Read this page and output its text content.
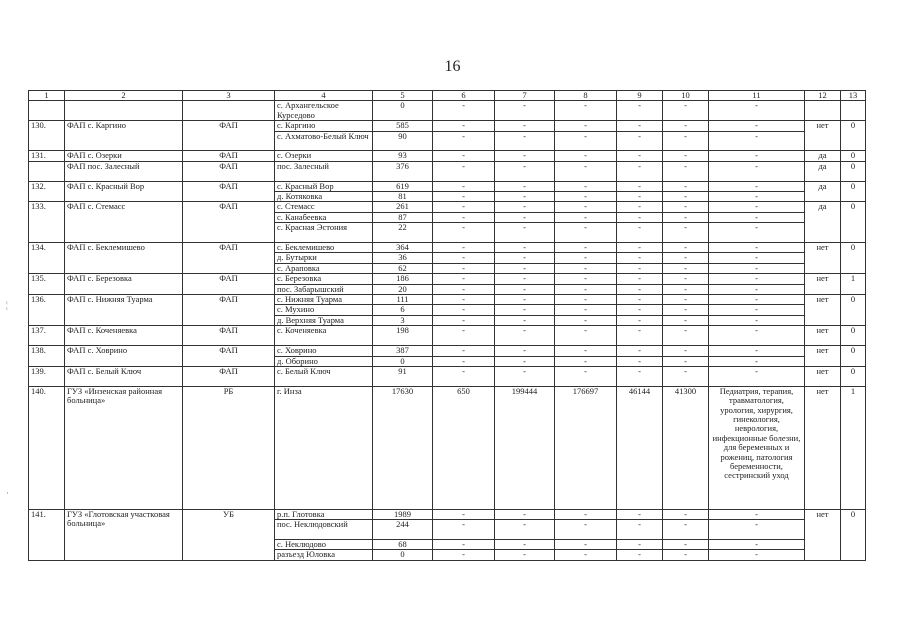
16
1	2	3	4	5	6	7	8	9	10	11	12	13
			с. Архангельское Курседово	0	-	-	-	-	-	-		
130.	ФАП с. Каргино	ФАП	с. Каргино	585	-	-	-	-	-	-	нет	0
			с. Ахматово-Белый Ключ	90	-	-	-	-	-	-		
131.	ФАП с. Озерки	ФАП	с. Озерки	93	-	-	-	-	-	-	да	0
	ФАП пос. Залесный	ФАП	пос. Залесный	376	-	-	-	-	-	-	да	0
132.	ФАП с. Красный Вор	ФАП	с. Красный Вор	619	-	-	-	-	-	-	да	0
			д. Котяковка	81	-	-	-	-	-	-		
133.	ФАП с. Стемасс	ФАП	с. Стемасс	261	-	-	-	-	-	-	да	0
			с. Канабеевка	87	-	-	-	-	-	-		
			с. Красная Эстония	22	-	-	-	-	-	-		
134.	ФАП с. Беклемишево	ФАП	с. Беклемишево	364	-	-	-	-	-	-	нет	0
			д. Бутырки	36	-	-	-	-	-	-		
			с. Араповка	62	-	-	-	-	-	-		
135.	ФАП с. Березовка	ФАП	с. Березовка	186	-	-	-	-	-	-	нет	1
			пос. Забарышский	20	-	-	-	-	-	-		
136.	ФАП с. Нижняя Туарма	ФАП	с. Нижняя Туарма	111	-	-	-	-	-	-	нет	0
			с. Мухино	6	-	-	-	-	-	-		
			д. Верхняя Туарма	3	-	-	-	-	-	-		
137.	ФАП с. Коченяевка	ФАП	с. Коченяевка	198	-	-	-	-	-	-	нет	0
138.	ФАП с. Ховрино	ФАП	с. Ховрино	387	-	-	-	-	-	-	нет	0
			д. Оборино	0	-	-	-	-	-	-		
139.	ФАП с. Белый Ключ	ФАП	с. Белый Ключ	91	-	-	-	-	-	-	нет	0
140.	ГУЗ «Инзенская районная больница»	РБ	г. Инза	17630	650	199444	176697	46144	41300	Педиатрия, терапия, травматология, урология, хирургия, гинекология, неврология, инфекционные болезни, для беременных и рожениц, патология беременности, сестринский уход	нет	1
141.	ГУЗ «Глотовская участковая больница»	УБ	р.п. Глотовка	1989	-	-	-	-	-	-	нет	0
			пос. Неклюдовский	244	-	-	-	-	-	-		
			с. Неклюдово	68	-	-	-	-	-	-		
			разъезд Юловка	0	-	-	-	-	-	-		
¦
·
